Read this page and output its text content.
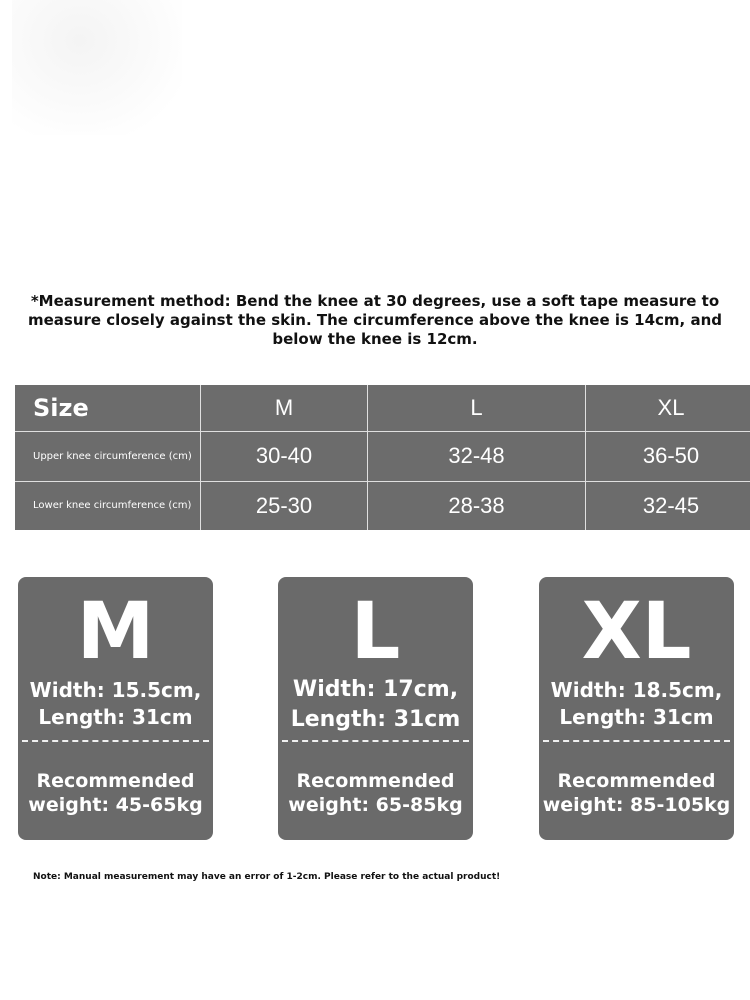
*Measurement method: Bend the knee at 30 degrees, use a soft tape measure to measure closely against the skin. The circumference above the knee is 14cm, and below the knee is 12cm.
Size	M	L	XL

Upper knee circumference (cm)	30-40	32-48	36-50

Lower knee circumference (cm)	25-30	28-38	32-45
M
Width: 15.5cm,
Length: 31cm
Recommended
weight: 45-65kg
L
Width: 17cm,
Length: 31cm
Recommended
weight: 65-85kg
XL
Width: 18.5cm,
Length: 31cm
Recommended
weight: 85-105kg
Note: Manual measurement may have an error of 1-2cm. Please refer to the actual product!
